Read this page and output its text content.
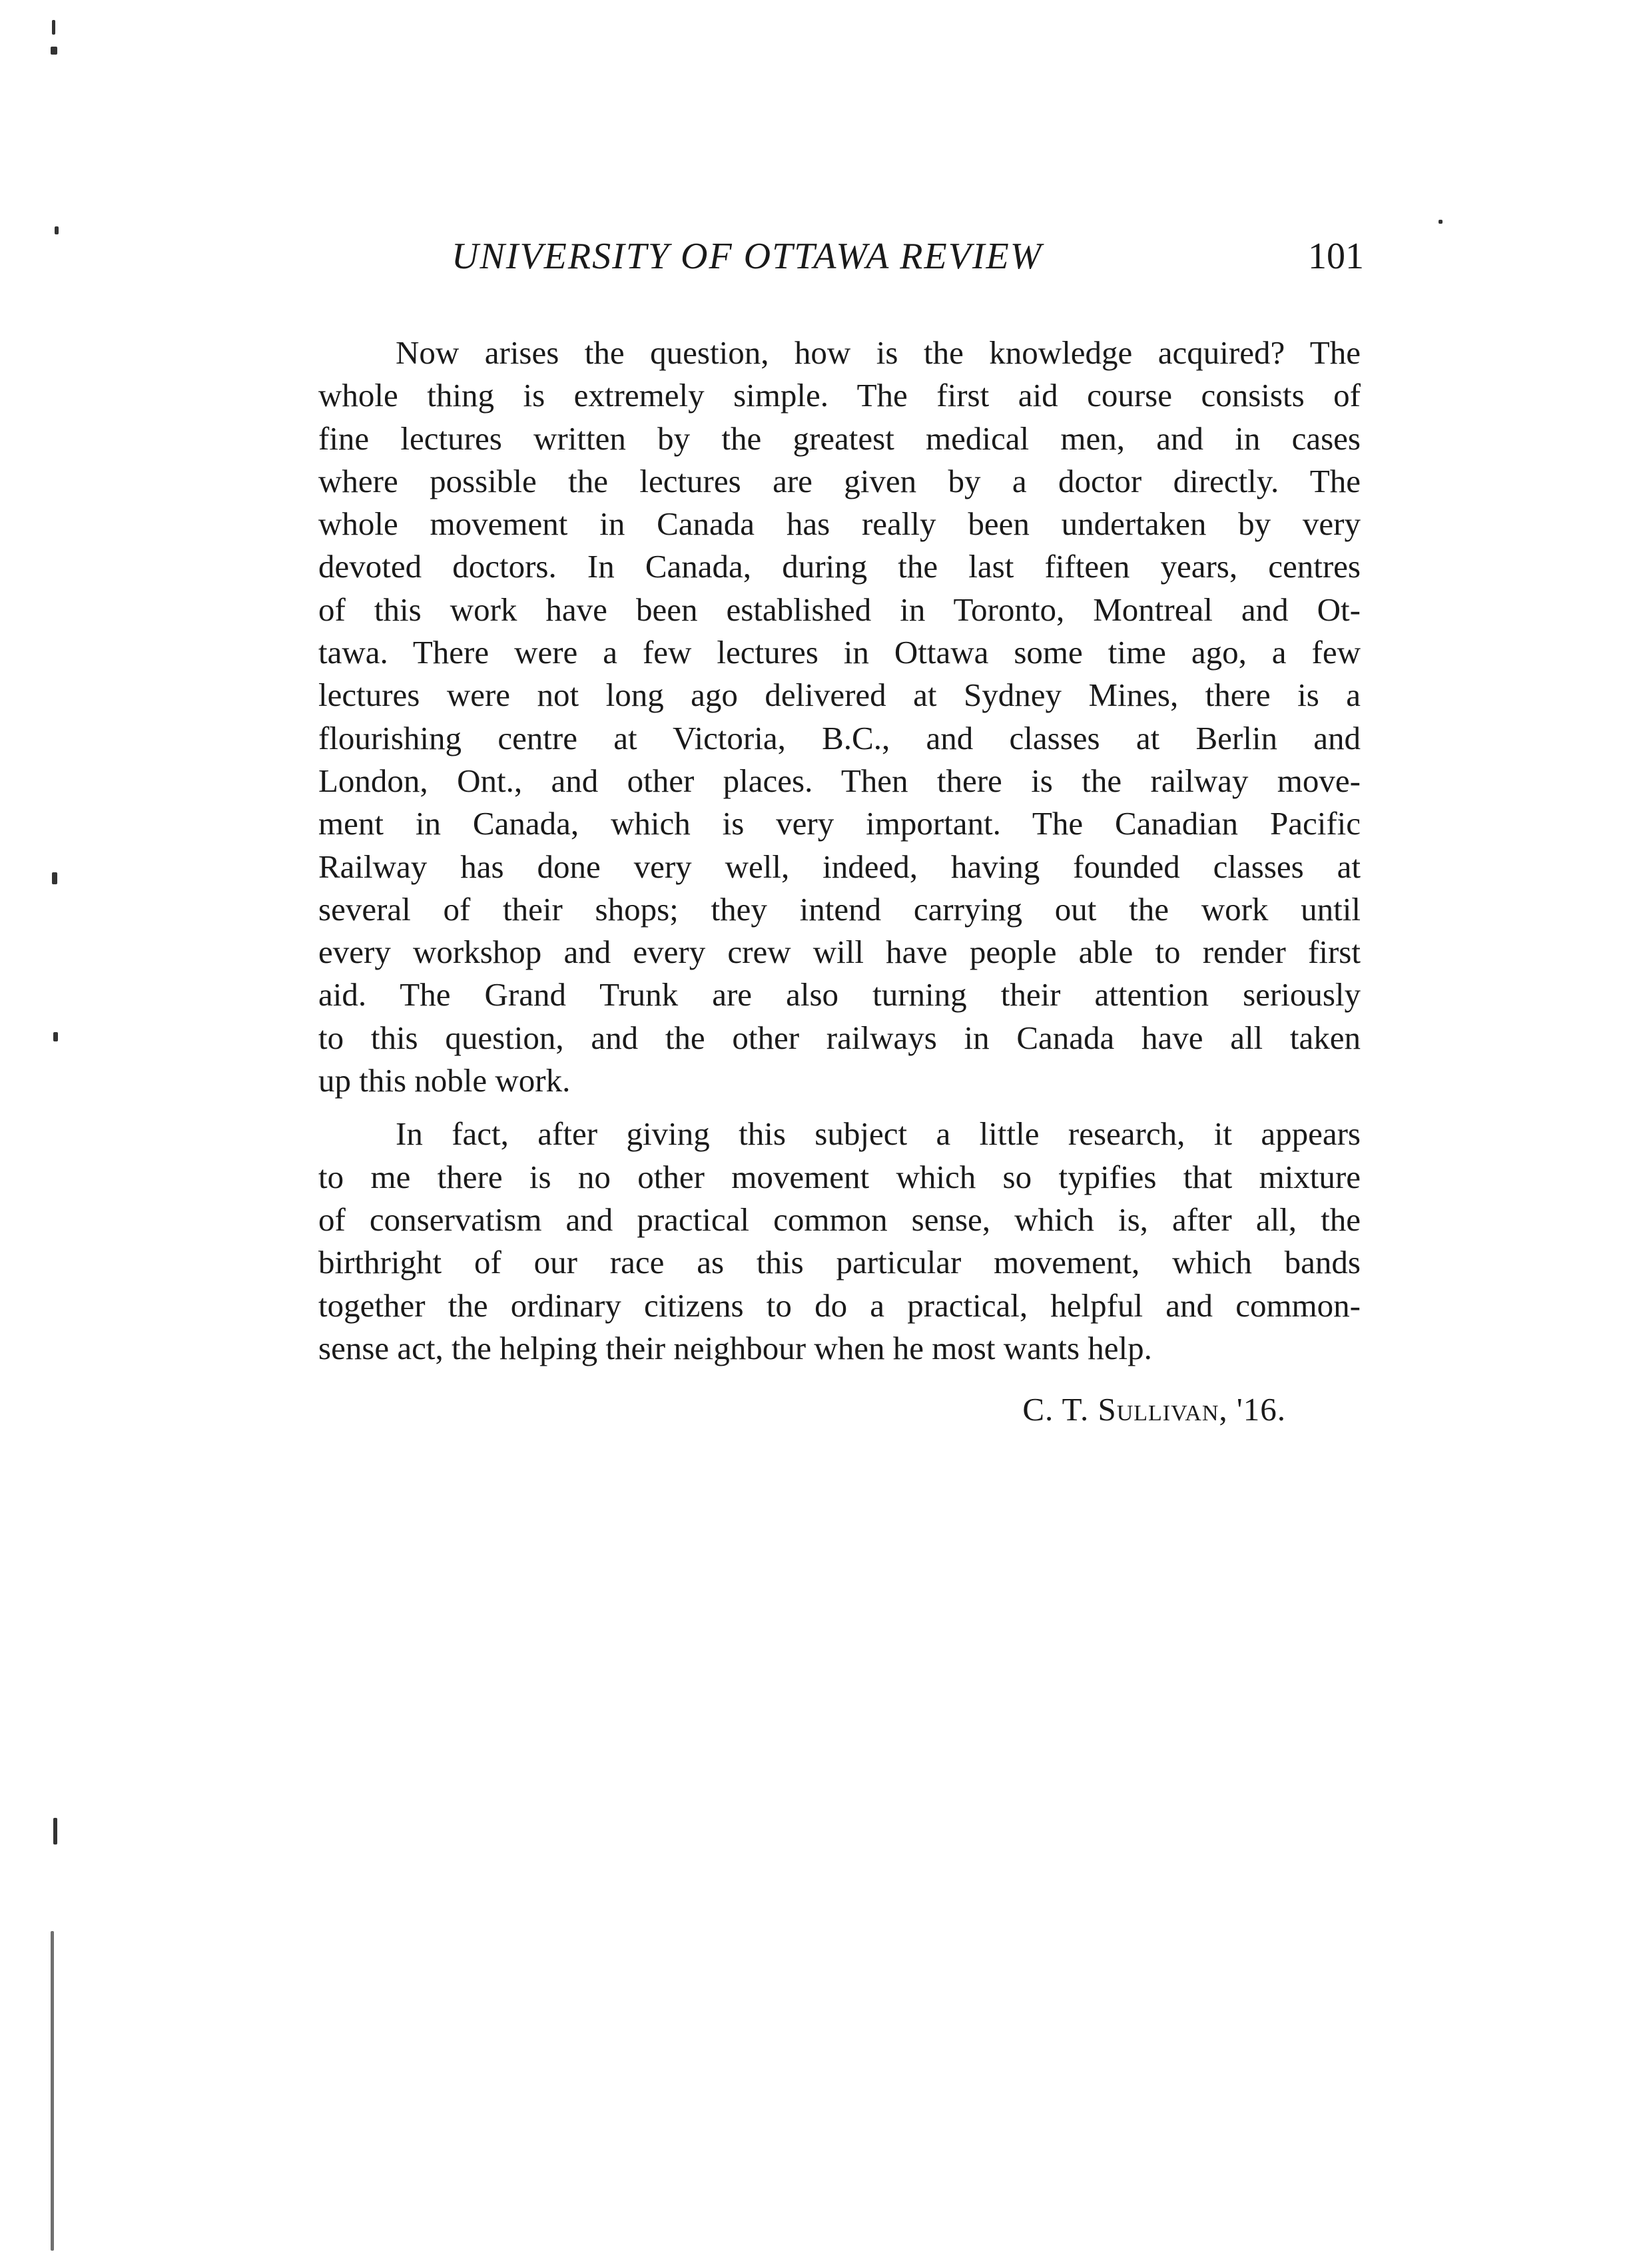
UNIVERSITY OF OTTAWA REVIEW	101
Now arises the question, how is the knowledge acquired? The
whole thing is extremely simple. The first aid course consists of
fine lectures written by the greatest medical men, and in cases
where possible the lectures are given by a doctor directly. The
whole movement in Canada has really been undertaken by very
devoted doctors. In Canada, during the last fifteen years, centres
of this work have been established in Toronto, Montreal and Ot-
tawa. There were a few lectures in Ottawa some time ago, a few
lectures were not long ago delivered at Sydney Mines, there is a
flourishing centre at Victoria, B.C., and classes at Berlin and
London, Ont., and other places. Then there is the railway move-
ment in Canada, which is very important. The Canadian Pacific
Railway has done very well, indeed, having founded classes at
several of their shops; they intend carrying out the work until
every workshop and every crew will have people able to render first
aid. The Grand Trunk are also turning their attention seriously
to this question, and the other railways in Canada have all taken
up this noble work.
In fact, after giving this subject a little research, it appears
to me there is no other movement which so typifies that mixture
of conservatism and practical common sense, which is, after all, the
birthright of our race as this particular movement, which bands
together the ordinary citizens to do a practical, helpful and common-
sense act, the helping their neighbour when he most wants help.
C. T. Sullivan, '16.
